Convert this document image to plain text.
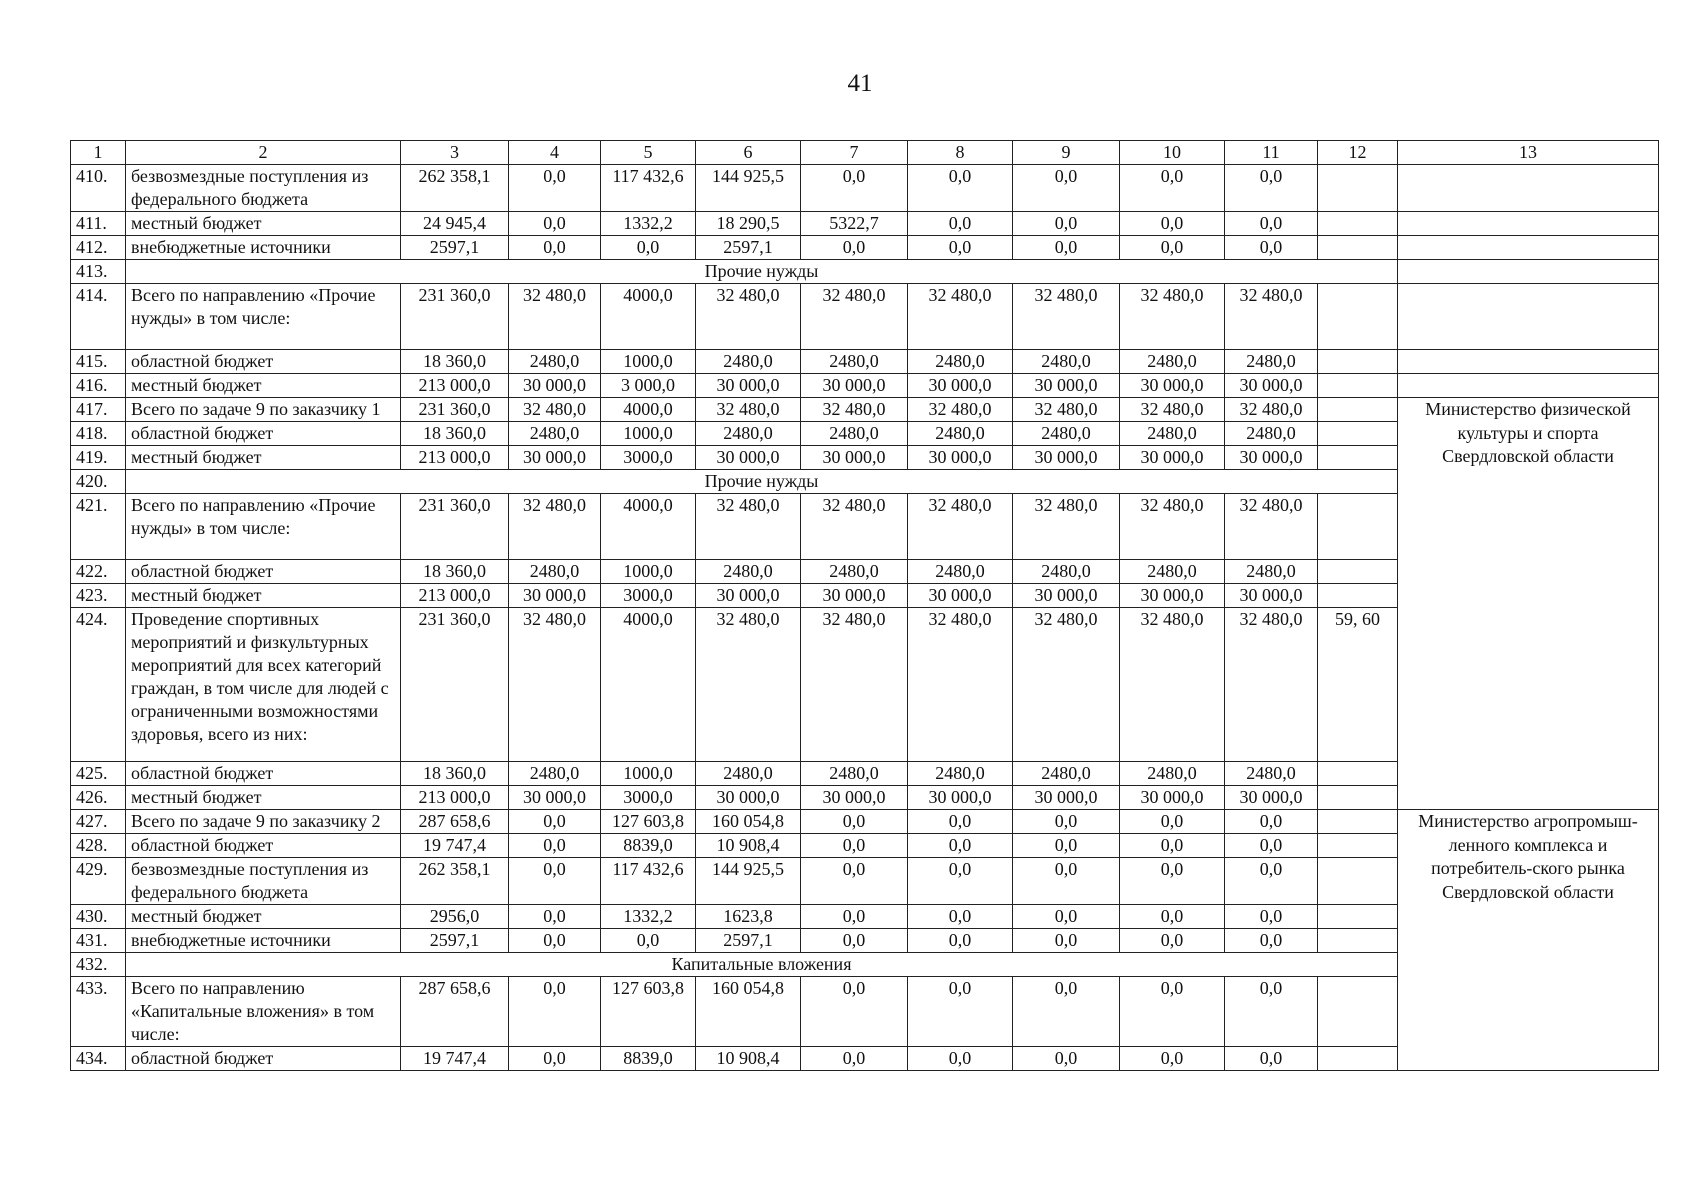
41
1	2	3	4	5	6	7	8	9	10	11	12	13
410.	безвозмездные поступления из федерального бюджета	262 358,1	0,0	117 432,6	144 925,5	0,0	0,0	0,0	0,0	0,0		
411.	местный бюджет	24 945,4	0,0	1332,2	18 290,5	5322,7	0,0	0,0	0,0	0,0		
412.	внебюджетные источники	2597,1	0,0	0,0	2597,1	0,0	0,0	0,0	0,0	0,0		
413.	Прочие нужды											
414.	Всего по направлению «Прочие нужды» в том числе:	231 360,0	32 480,0	4000,0	32 480,0	32 480,0	32 480,0	32 480,0	32 480,0	32 480,0		
415.	областной бюджет	18 360,0	2480,0	1000,0	2480,0	2480,0	2480,0	2480,0	2480,0	2480,0		
416.	местный бюджет	213 000,0	30 000,0	3 000,0	30 000,0	30 000,0	30 000,0	30 000,0	30 000,0	30 000,0		
417.	Всего по задаче 9 по заказчику 1	231 360,0	32 480,0	4000,0	32 480,0	32 480,0	32 480,0	32 480,0	32 480,0	32 480,0		Министерство физической культуры и спорта Свердловской области
418.	областной бюджет	18 360,0	2480,0	1000,0	2480,0	2480,0	2480,0	2480,0	2480,0	2480,0		
419.	местный бюджет	213 000,0	30 000,0	3000,0	30 000,0	30 000,0	30 000,0	30 000,0	30 000,0	30 000,0		
420.	Прочие нужды											
421.	Всего по направлению «Прочие нужды» в том числе:	231 360,0	32 480,0	4000,0	32 480,0	32 480,0	32 480,0	32 480,0	32 480,0	32 480,0		
422.	областной бюджет	18 360,0	2480,0	1000,0	2480,0	2480,0	2480,0	2480,0	2480,0	2480,0		
423.	местный бюджет	213 000,0	30 000,0	3000,0	30 000,0	30 000,0	30 000,0	30 000,0	30 000,0	30 000,0		
424.	Проведение спортивных мероприятий и физкультурных мероприятий для всех категорий граждан, в том числе для людей с ограниченными возможностями здоровья, всего из них:	231 360,0	32 480,0	4000,0	32 480,0	32 480,0	32 480,0	32 480,0	32 480,0	32 480,0	59, 60	
425.	областной бюджет	18 360,0	2480,0	1000,0	2480,0	2480,0	2480,0	2480,0	2480,0	2480,0		
426.	местный бюджет	213 000,0	30 000,0	3000,0	30 000,0	30 000,0	30 000,0	30 000,0	30 000,0	30 000,0		
427.	Всего по задаче 9 по заказчику 2	287 658,6	0,0	127 603,8	160 054,8	0,0	0,0	0,0	0,0	0,0		Министерство агропромыш-ленного комплекса и потребитель-ского рынка Свердловской области
428.	областной бюджет	19 747,4	0,0	8839,0	10 908,4	0,0	0,0	0,0	0,0	0,0		
429.	безвозмездные поступления из федерального бюджета	262 358,1	0,0	117 432,6	144 925,5	0,0	0,0	0,0	0,0	0,0		
430.	местный бюджет	2956,0	0,0	1332,2	1623,8	0,0	0,0	0,0	0,0	0,0		
431.	внебюджетные источники	2597,1	0,0	0,0	2597,1	0,0	0,0	0,0	0,0	0,0		
432.	Капитальные вложения											
433.	Всего по направлению «Капитальные вложения» в том числе:	287 658,6	0,0	127 603,8	160 054,8	0,0	0,0	0,0	0,0	0,0		
434.	областной бюджет	19 747,4	0,0	8839,0	10 908,4	0,0	0,0	0,0	0,0	0,0		
